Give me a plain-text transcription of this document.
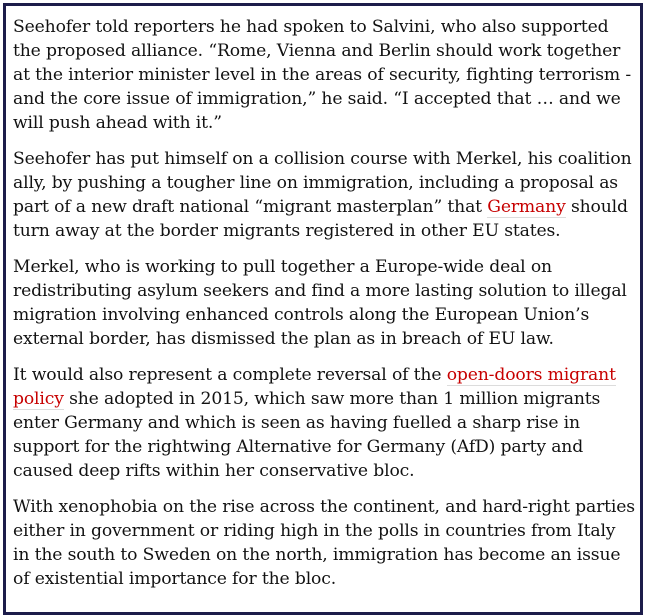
Seehofer told reporters he had spoken to Salvini, who also supported the proposed alliance. “Rome, Vienna and Berlin should work together at the interior minister level in the areas of security, fighting terrorism - and the core issue of immigration,” he said. “I accepted that … and we will push ahead with it.”

Seehofer has put himself on a collision course with Merkel, his coalition ally, by pushing a tougher line on immigration, including a proposal as part of a new draft national “migrant masterplan” that Germany should turn away at the border migrants registered in other EU states.

Merkel, who is working to pull together a Europe-wide deal on redistributing asylum seekers and find a more lasting solution to illegal migration involving enhanced controls along the European Union’s external border, has dismissed the plan as in breach of EU law.

It would also represent a complete reversal of the open-doors migrant policy she adopted in 2015, which saw more than 1 million migrants enter Germany and which is seen as having fuelled a sharp rise in support for the rightwing Alternative for Germany (AfD) party and caused deep rifts within her conservative bloc.

With xenophobia on the rise across the continent, and hard-right parties either in government or riding high in the polls in countries from Italy in the south to Sweden on the north, immigration has become an issue of existential importance for the bloc.
